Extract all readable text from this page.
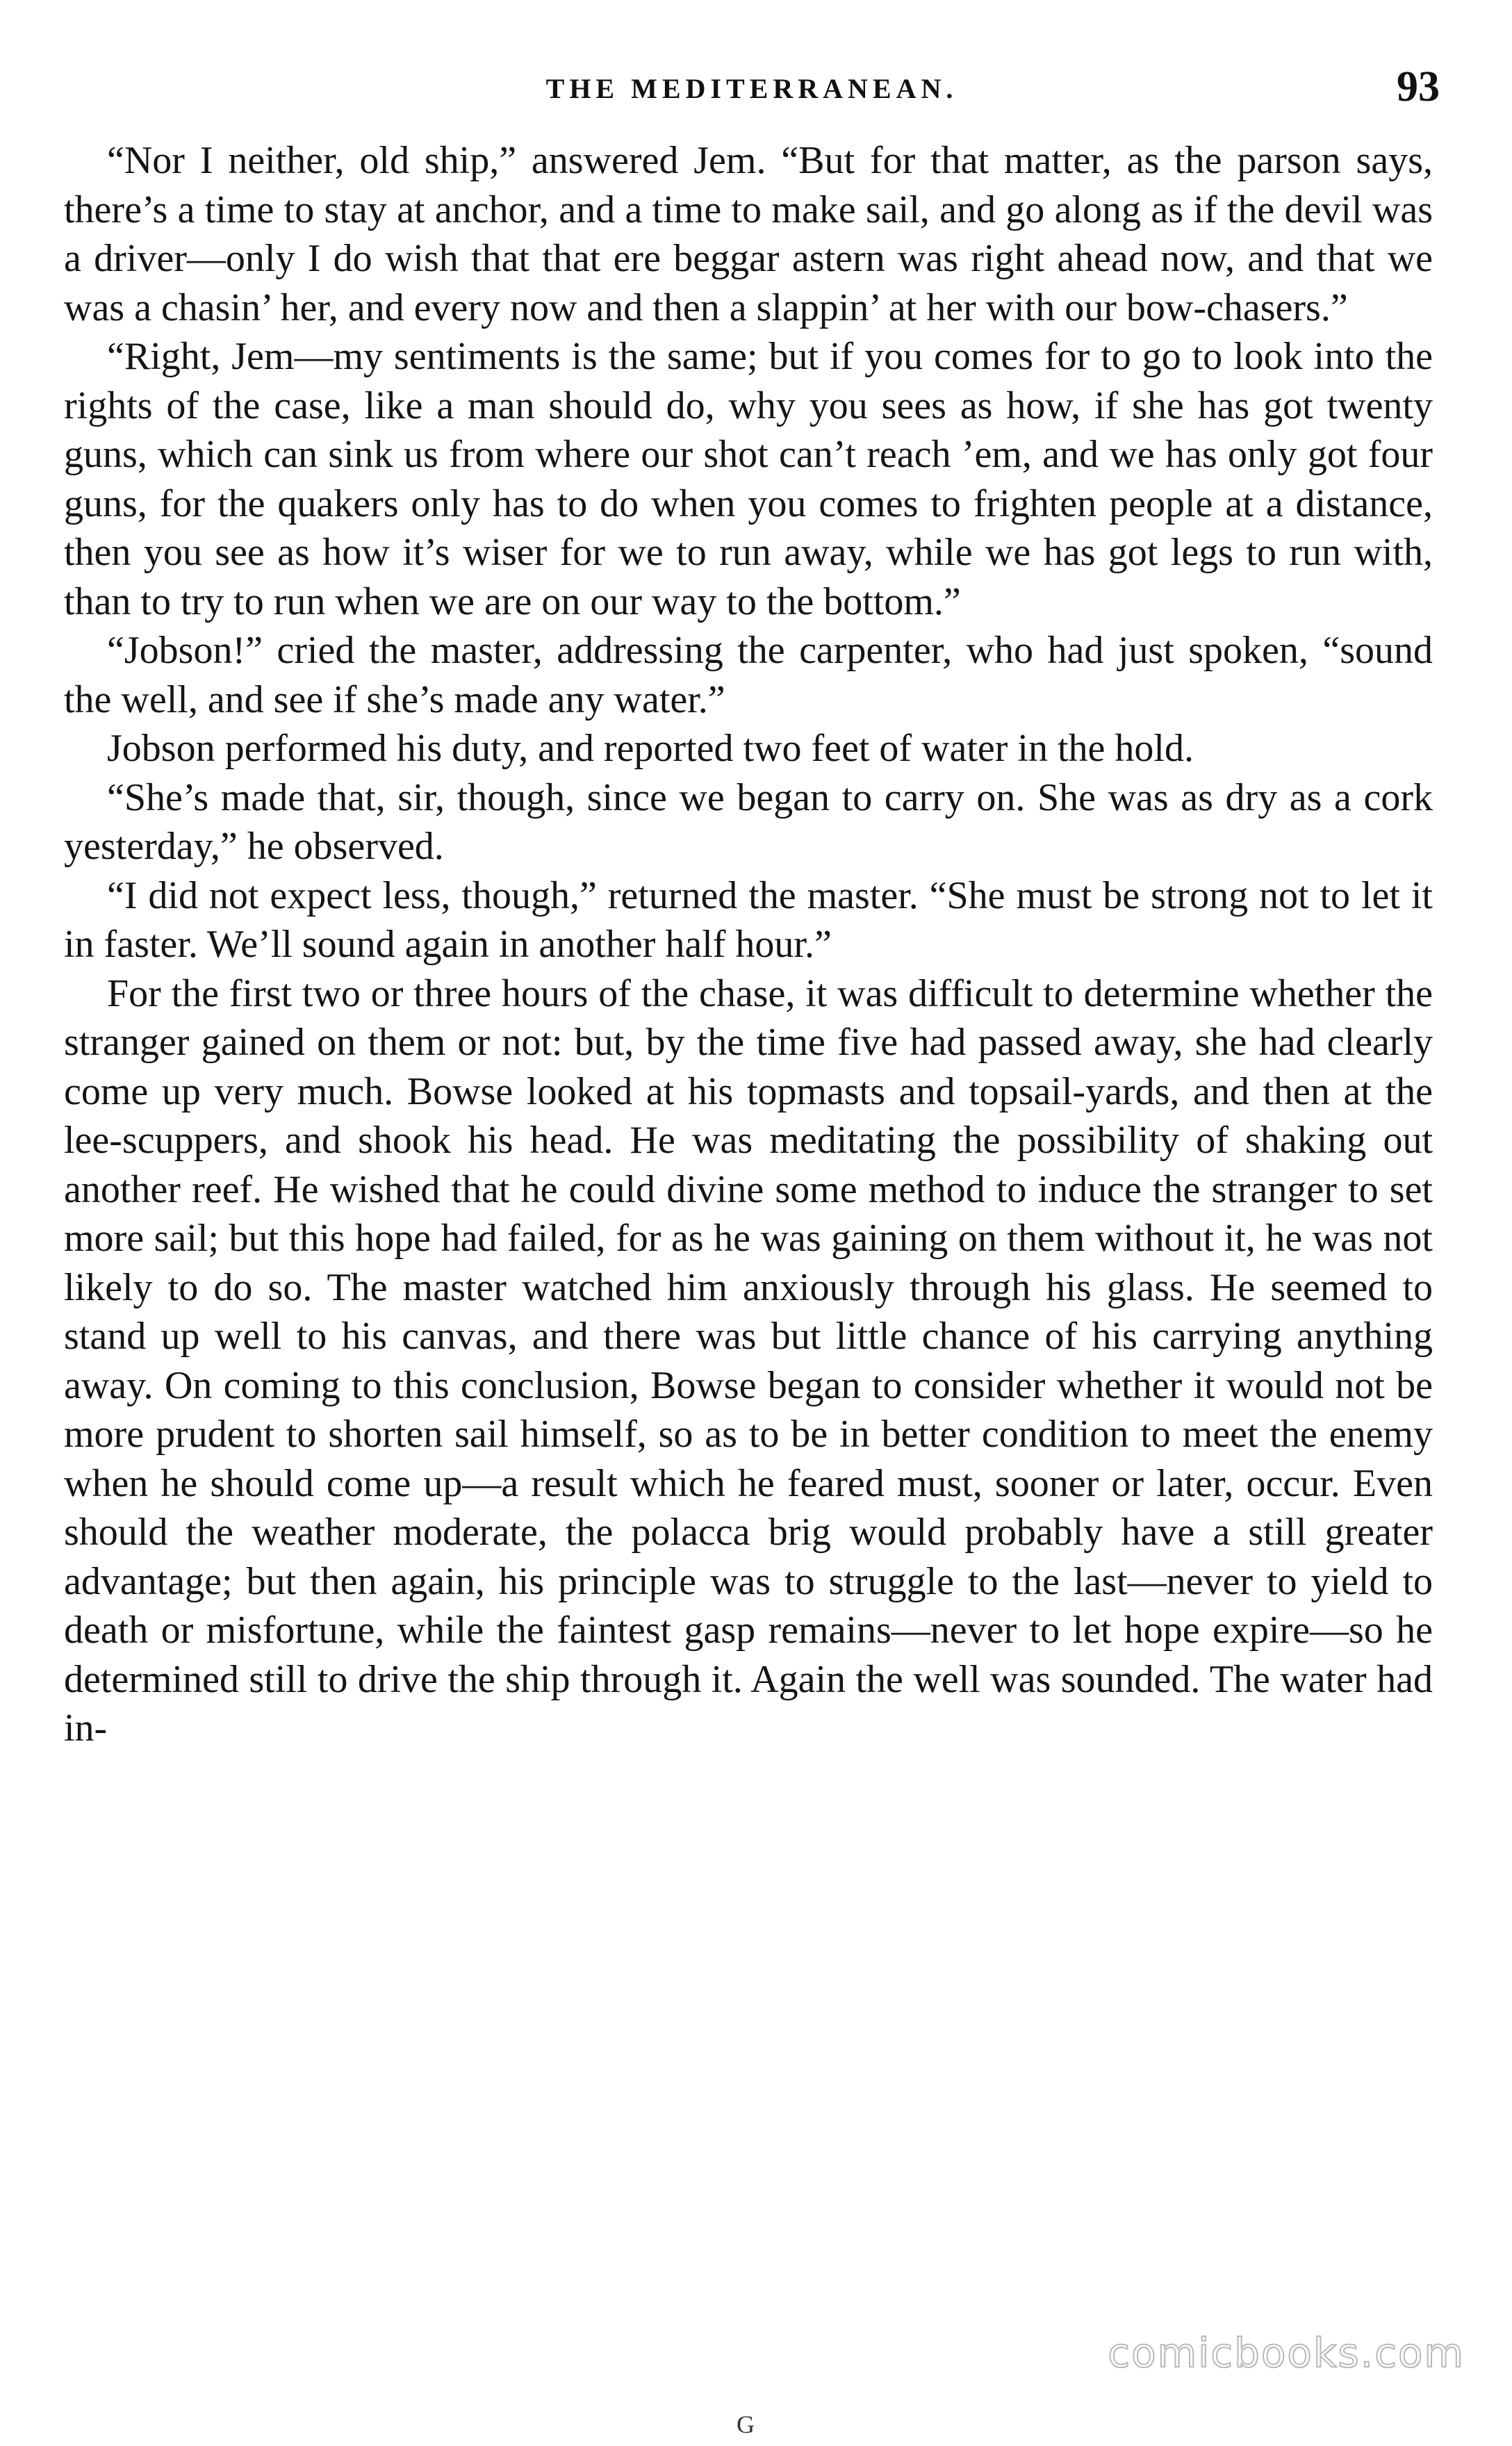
THE MEDITERRANEAN.	93

“Nor I neither, old ship,” answered Jem. “But for that matter, as the parson says, there’s a time to stay at anchor, and a time to make sail, and go along as if the devil was a driver—only I do wish that that ere beggar astern was right ahead now, and that we was a chasin’ her, and every now and then a slappin’ at her with our bow-chasers.”

“Right, Jem—my sentiments is the same; but if you comes for to go to look into the rights of the case, like a man should do, why you sees as how, if she has got twenty guns, which can sink us from where our shot can’t reach ’em, and we has only got four guns, for the quakers only has to do when you comes to frighten people at a distance, then you see as how it’s wiser for we to run away, while we has got legs to run with, than to try to run when we are on our way to the bottom.”

“Jobson!” cried the master, addressing the carpenter, who had just spoken, “sound the well, and see if she’s made any water.”

Jobson performed his duty, and reported two feet of water in the hold.

“She’s made that, sir, though, since we began to carry on. She was as dry as a cork yesterday,” he observed.

“I did not expect less, though,” returned the master. “She must be strong not to let it in faster. We’ll sound again in another half hour.”

For the first two or three hours of the chase, it was difficult to determine whether the stranger gained on them or not: but, by the time five had passed away, she had clearly come up very much. Bowse looked at his topmasts and topsail-yards, and then at the lee-scuppers, and shook his head. He was meditating the possibility of shaking out another reef. He wished that he could divine some method to induce the stranger to set more sail; but this hope had failed, for as he was gaining on them without it, he was not likely to do so. The master watched him anxiously through his glass. He seemed to stand up well to his canvas, and there was but little chance of his carrying anything away. On coming to this conclusion, Bowse began to consider whether it would not be more prudent to shorten sail himself, so as to be in better condition to meet the enemy when he should come up—a result which he feared must, sooner or later, occur. Even should the weather moderate, the polacca brig would probably have a still greater advantage; but then again, his principle was to struggle to the last—never to yield to death or misfortune, while the faintest gasp remains—never to let hope expire—so he determined still to drive the ship through it. Again the well was sounded. The water had in-

comicbooks.com
G
